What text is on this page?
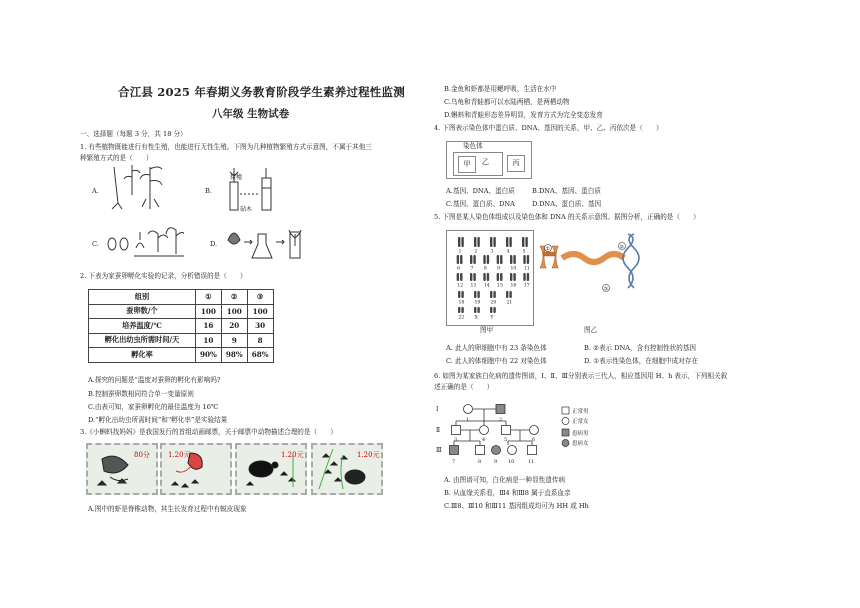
合江县 2025 年春期义务教育阶段学生素养过程性监测
八年级 生物试卷
一、选择题（每题 3 分，共 18 分）
1. 有些植物既能进行有性生殖，也能进行无性生殖。下图为几种植物繁殖方式示意图，不属于其他三
种繁殖方式的是（　　）
A.	B.
接穗
砧木
C.	D.
2. 下表为家蚕卵孵化实验的记录，分析错误的是（　　）
组别	①	②	③
蚕卵数/个	100	100	100
培养温度/℃	16	20	30
孵化出幼虫所需时间/天	10	9	8
孵化率	90%	98%	68%
A.探究的问题是“温度对蚕卵的孵化有影响吗?
B.控制蚕卵数相同符合单一变量原则
C.由表可知，家蚕卵孵化的最佳温度为 16℃
D.“孵化出幼虫所需时间”和“孵化率”是实验结果
3.《小蝌蚪找妈妈》是我国发行的首组动画邮票，关于邮票中动物描述合理的是（　　）
80分	1.20元	1.20元	1.20元
A.图中的虾是脊椎动物，其生长发育过程中有蜕皮现象
B.金鱼和虾都是用鳃呼吸，生活在水中
C.乌龟和青蛙都可以水陆两栖，是两栖动物
D.蝌蚪和青蛙形态差异明显，发育方式为完全变态发育
4. 下图表示染色体中蛋白质、DNA、基因的关系，甲、乙、丙依次是（　　）
染色体
甲	乙	丙
A.基因、DNA、蛋白质	B.DNA、基因、蛋白质
C.基因、蛋白质、DNA	D.DNA、蛋白质、基因
5. 下图是某人染色体组成以及染色体和 DNA 的关系示意图。据图分析，正确的是（　　）
1	2	3	4	5
6 7 8 9 10 11
12 13 14 15 16 17
18 19 20 21
22 X	Y
图甲
①	②
③
图乙
A. 此人的卵细胞中有 23 条染色体	B. ②表示 DNA，含有控制性状的基因
C. 此人的体细胞中有 22 对染色体	D. ①表示性染色体，在细胞中成对存在
6. 如图为某家族白化病的遗传图谱，Ⅰ、Ⅱ、Ⅲ分别表示三代人，相应基因用 H、h 表示，下列相关叙
述正确的是（　　）
Ⅰ
Ⅱ
Ⅲ
1	2
3	4	5	6
7	8	9 10	11
正常男
正常女
患病男
患病女
A. 由图谱可知，白化病是一种显性遗传病
B. 从血缘关系看，Ⅲ4 和Ⅲ8 属于直系血亲
C.Ⅲ8、Ⅲ10 和Ⅲ11 基因组成均可为 HH 或 Hh
